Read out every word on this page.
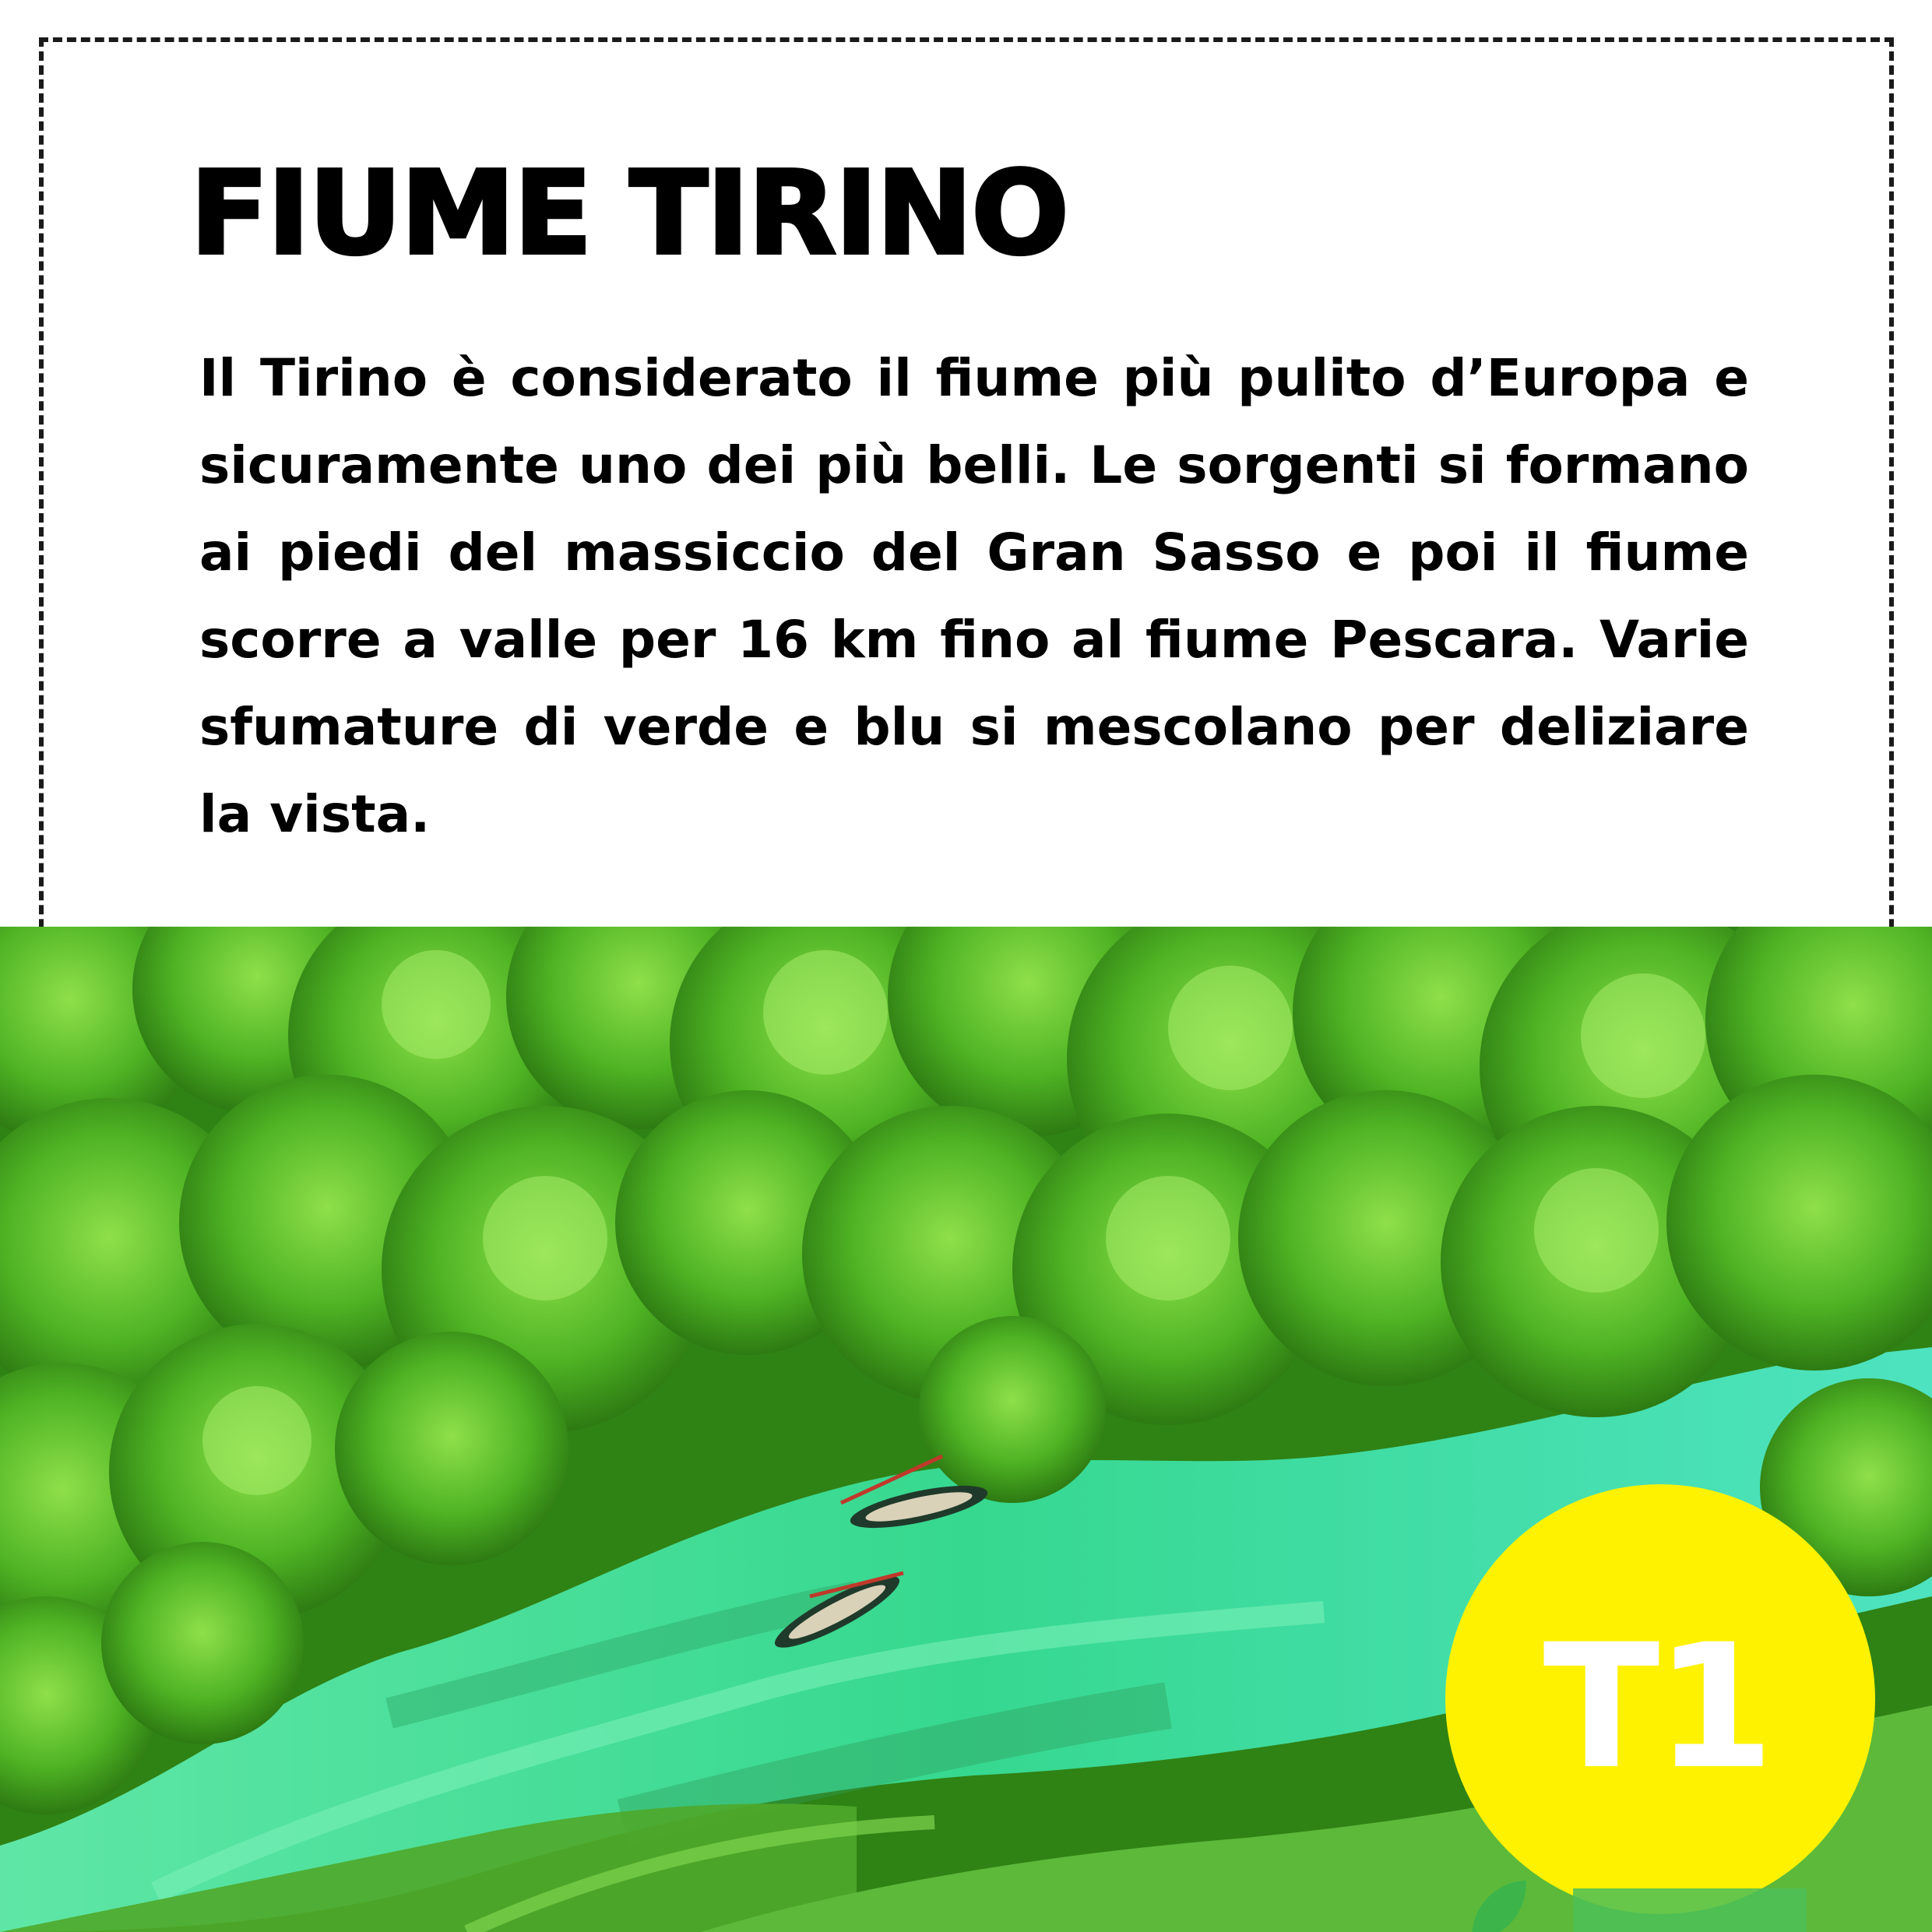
FIUME TIRINO

Il Tirino è considerato il fiume più pulito d’Europa e sicuramente uno dei più belli. Le sorgenti si formano ai piedi del massiccio del Gran Sasso e poi il fiume scorre a valle per 16 km fino al fiume Pescara. Varie sfumature di verde e blu si mescolano per deliziare la vista.

T1
